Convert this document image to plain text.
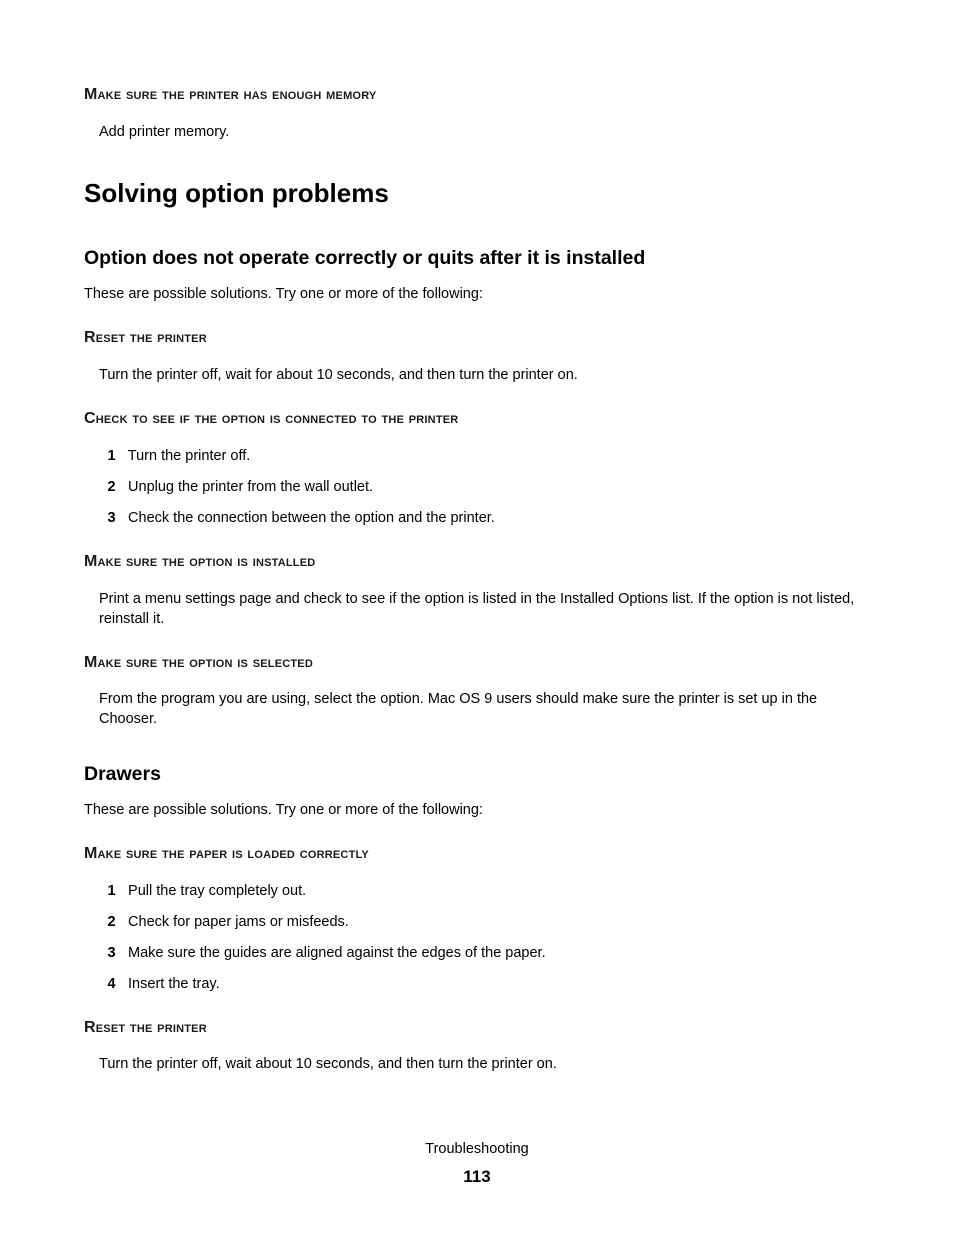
Make sure the printer has enough memory
Add printer memory.
Solving option problems
Option does not operate correctly or quits after it is installed
These are possible solutions. Try one or more of the following:
Reset the printer
Turn the printer off, wait for about 10 seconds, and then turn the printer on.
Check to see if the option is connected to the printer
1 Turn the printer off.
2 Unplug the printer from the wall outlet.
3 Check the connection between the option and the printer.
Make sure the option is installed
Print a menu settings page and check to see if the option is listed in the Installed Options list. If the option is not listed, reinstall it.
Make sure the option is selected
From the program you are using, select the option. Mac OS 9 users should make sure the printer is set up in the Chooser.
Drawers
These are possible solutions. Try one or more of the following:
Make sure the paper is loaded correctly
1 Pull the tray completely out.
2 Check for paper jams or misfeeds.
3 Make sure the guides are aligned against the edges of the paper.
4 Insert the tray.
Reset the printer
Turn the printer off, wait about 10 seconds, and then turn the printer on.
Troubleshooting
113
